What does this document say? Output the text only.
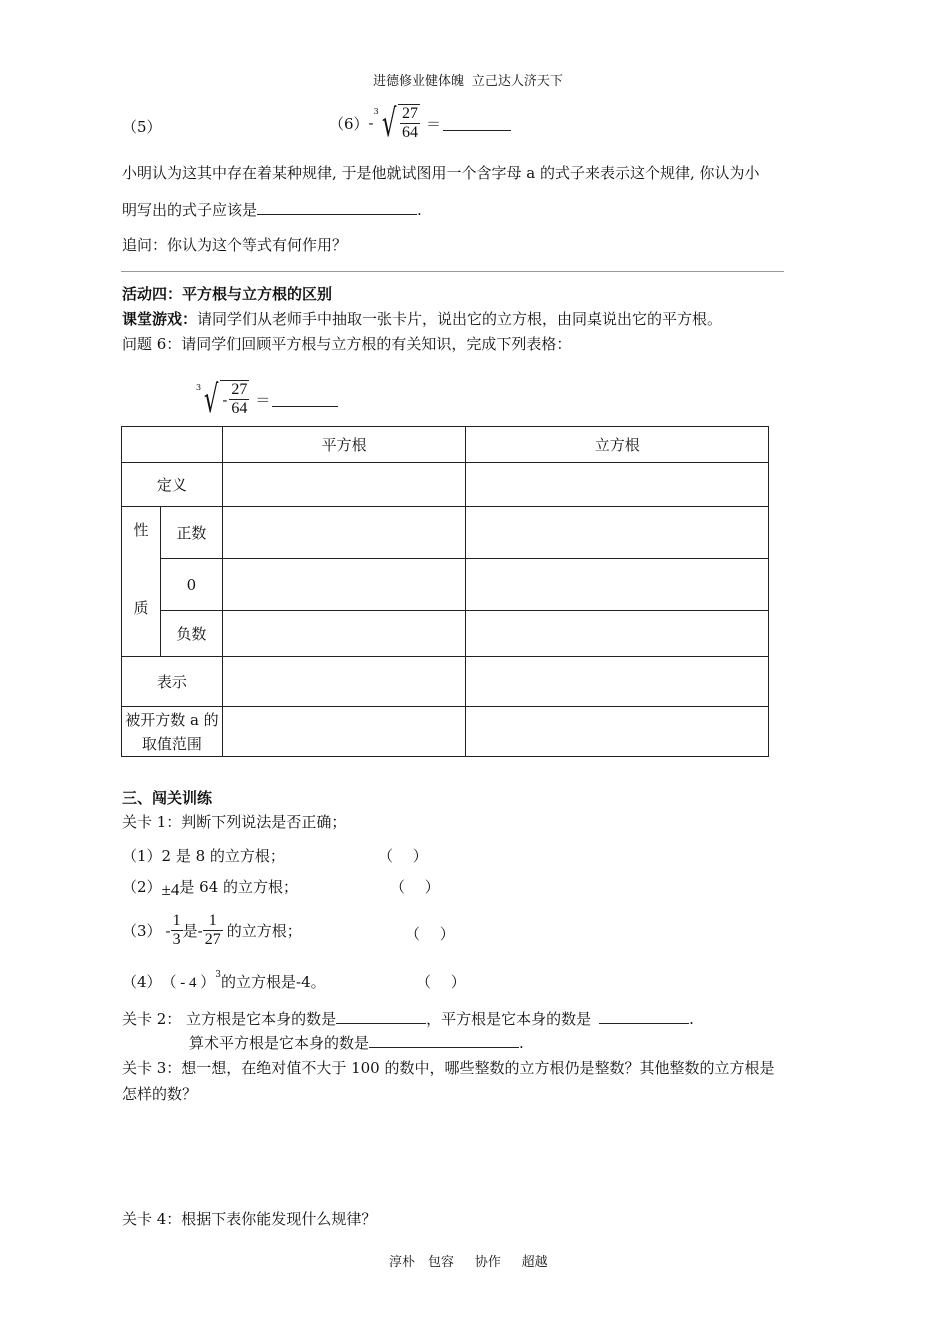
进德修业健体魄 立己达人济天下
（5）	（6） -
3 √ $\frac{27}{64}$ ＝
小明认为这其中存在着某种规律, 于是他就试图用一个含字母 a 的式子来表示这个规律, 你认为小
明写出的式子应该是	.
追问：你认为这个等式有何作用？
活动四：平方根与立方根的区别
课堂游戏：请同学们从老师手中抽取一张卡片，说出它的立方根，由同桌说出它的平方根。
问题 6：请同学们回顾平方根与立方根的有关知识，完成下列表格：
3 √ - $\frac{27}{64}$ ＝
		平方根	立方根
定义			

性
质	正数		
	0		
	负数		
表示			

被开方数 a 的
取值范围			

三、闯关训练
关卡 1：判断下列说法是否正确；
（1）2 是 8 的立方根；	（　 ）
（2） ±4 是 64 的立方根；	（　 ）
$(3) - \frac{1}{3}$ 是 - $\frac{1}{27}$ 的立方根；	（　 ）
（4） （ - 4 ）
3 的立方根是-4。	（　 ）
关卡 2： 立方根是它本身的数是	，平方根是它本身的数是	.
算术平方根是它本身的数是	.
关卡 3：想一想，在绝对值不大于 100 的数中，哪些整数的立方根仍是整数？其他整数的立方根是
怎样的数？
关卡 4：根据下表你能发现什么规律？
淳朴　包容　 协作　 超越
